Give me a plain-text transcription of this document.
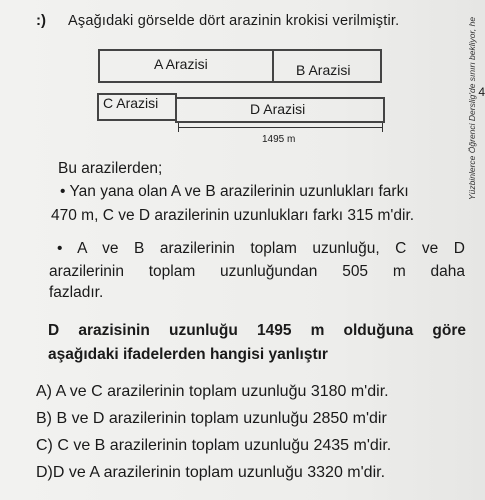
:) Aşağıdaki görselde dört arazinin krokisi verilmiştir.
A Arazisi	B Arazisi
C Arazisi	D Arazisi
1495 m	Yüzbinlerce Öğrenci Derslig'de sınırı bekliyor, he 4
Bu arazilerden;
• Yan yana olan A ve B arazilerinin uzunlukları farkı
470 m, C ve D arazilerinin uzunlukları farkı 315 m'dir.
• A ve B arazilerinin toplam uzunluğu, C ve D
arazilerinin toplam uzunluğundan 505 m daha
fazladır.
D arazisinin uzunluğu 1495 m olduğuna göre
aşağıdaki ifadelerden hangisi yanlıştır
A) A ve C arazilerinin toplam uzunluğu 3180 m'dir.
B) B ve D arazilerinin toplam uzunluğu 2850 m'dir
C) C ve B arazilerinin toplam uzunluğu 2435 m'dir.
D)D ve A arazilerinin toplam uzunluğu 3320 m'dir.
